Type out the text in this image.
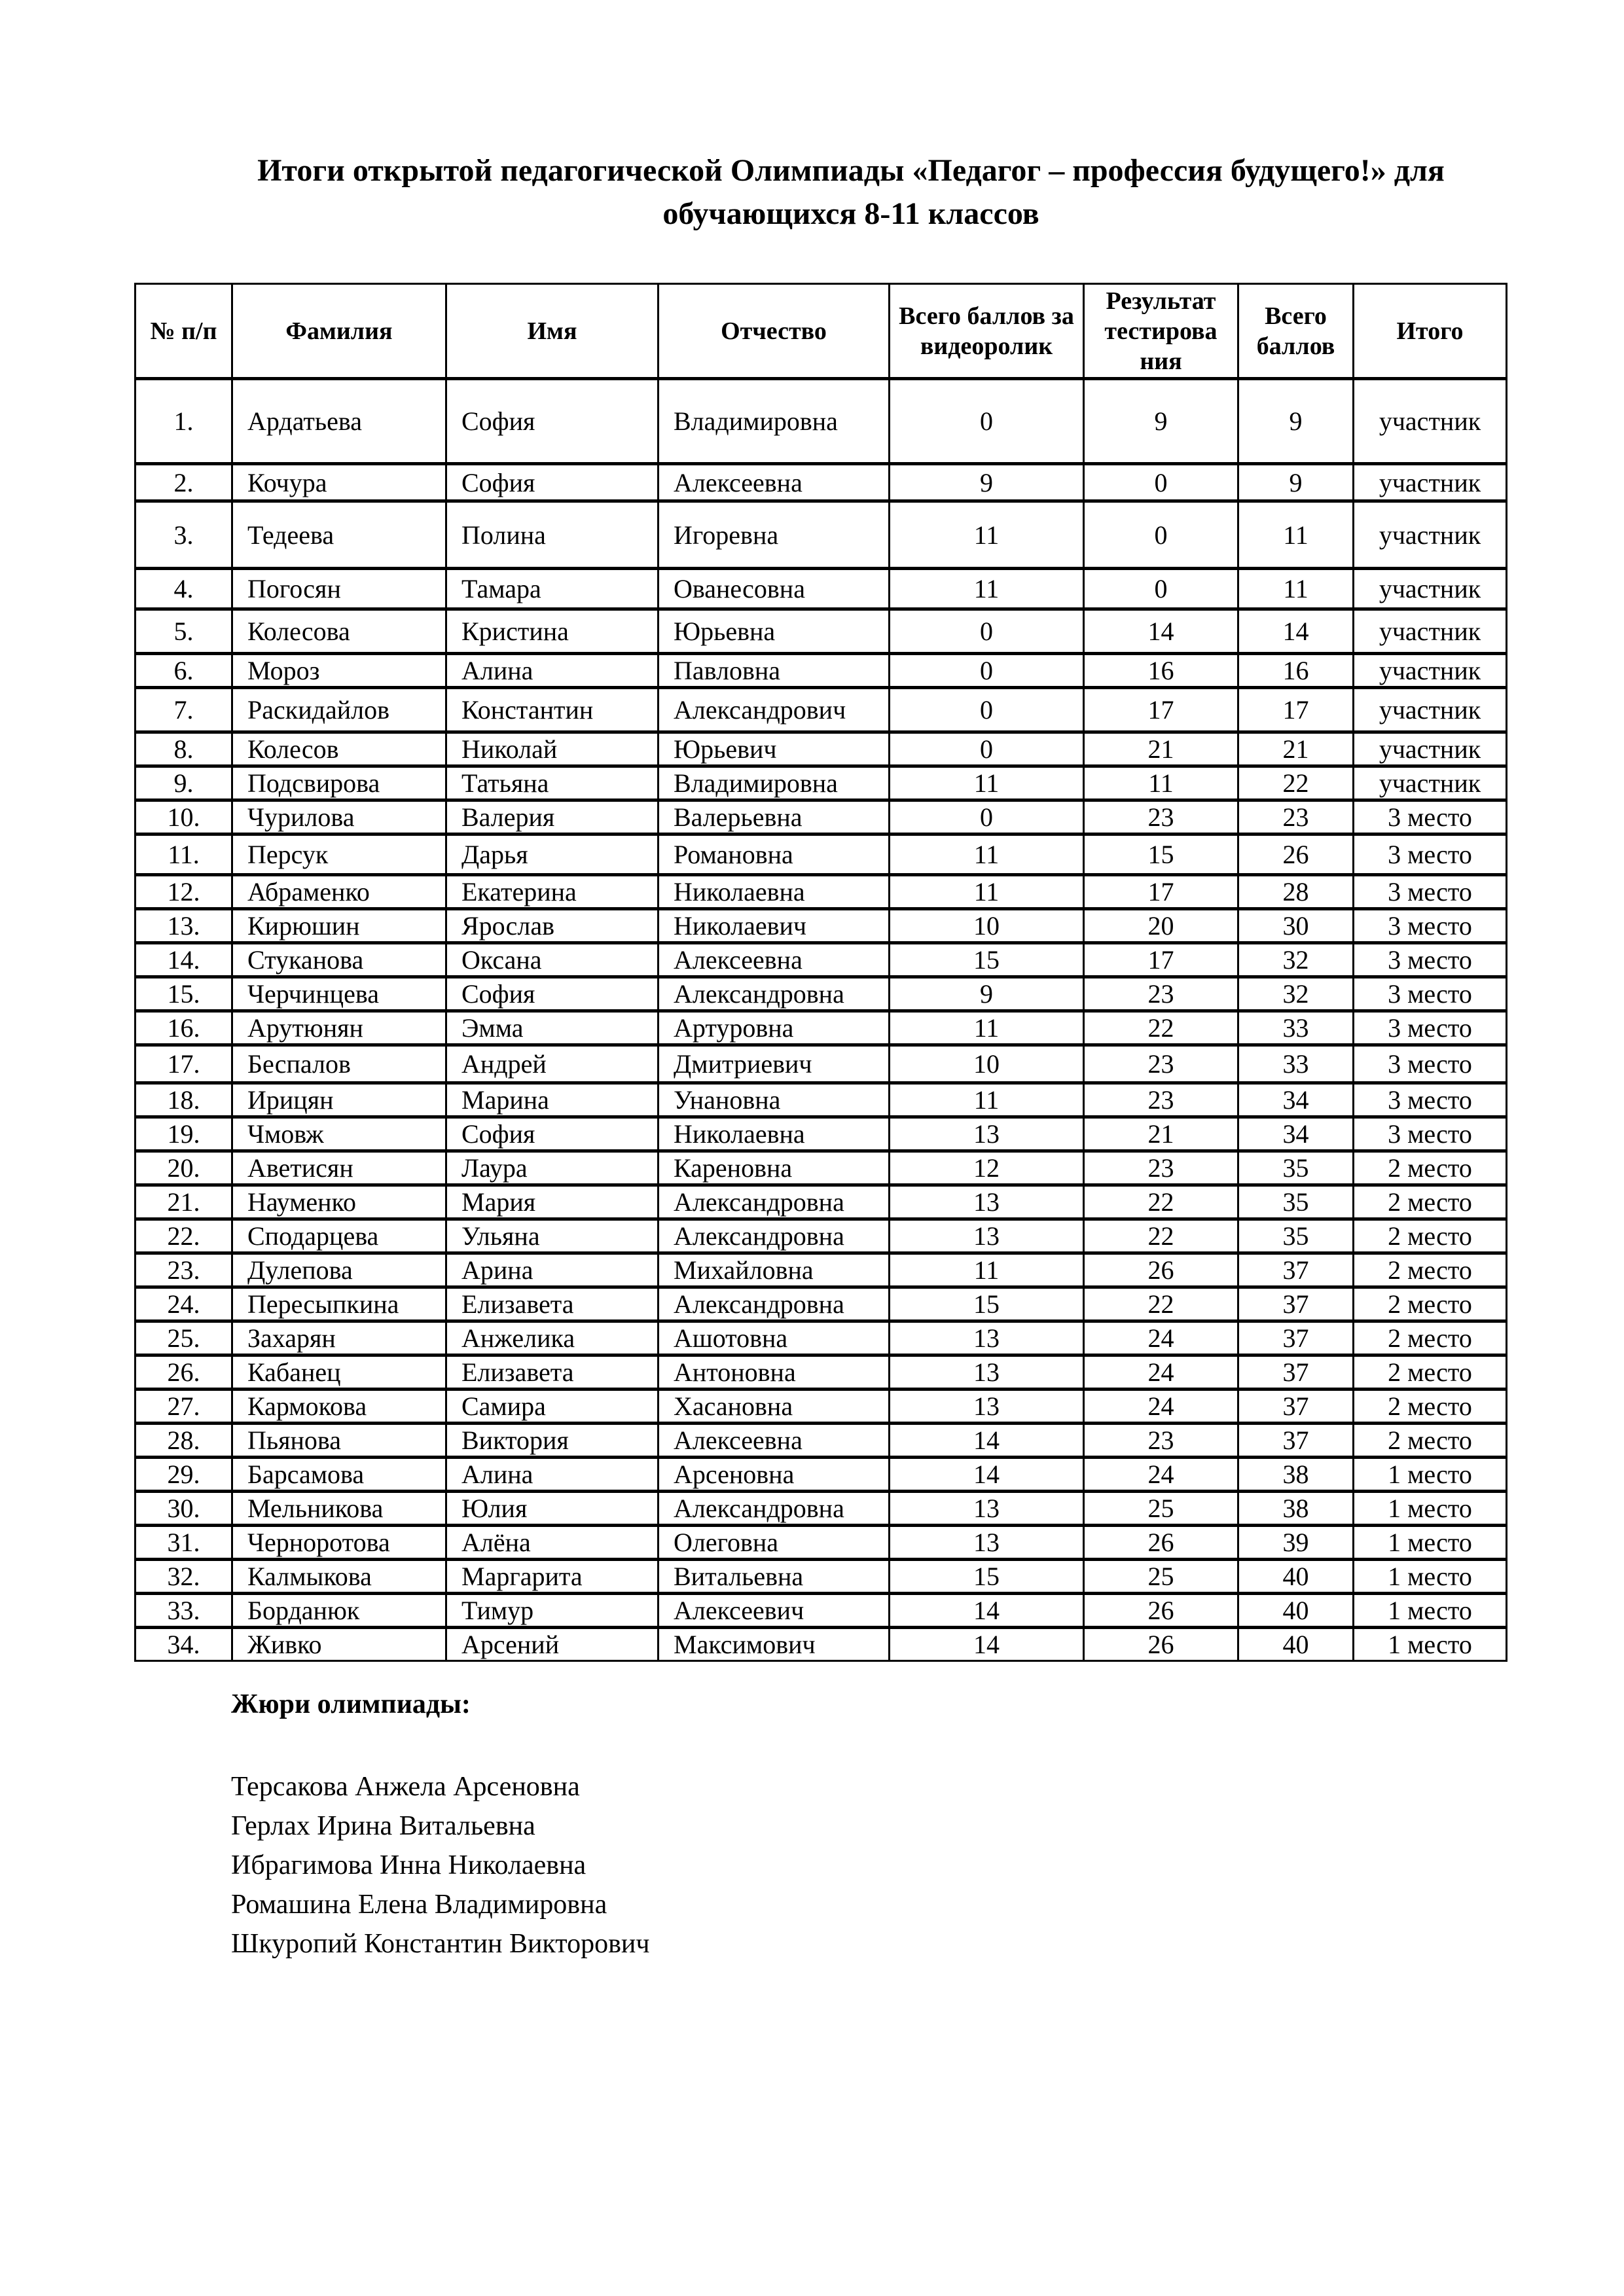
Итоги открытой педагогической Олимпиады «Педагог – профессия будущего!» для
обучающихся 8-11 классов
№ п/п	Фамилия	Имя	Отчество	Всего баллов за видеоролик	Результат тестирова ния	Всего баллов	Итого
1.	Ардатьева	София	Владимировна	0	9	9	участник
2.	Кочура	София	Алексеевна	9	0	9	участник
3.	Тедеева	Полина	Игоревна	11	0	11	участник
4.	Погосян	Тамара	Ованесовна	11	0	11	участник
5.	Колесова	Кристина	Юрьевна	0	14	14	участник
6.	Мороз	Алина	Павловна	0	16	16	участник
7.	Раскидайлов	Константин	Александрович	0	17	17	участник
8.	Колесов	Николай	Юрьевич	0	21	21	участник
9.	Подсвирова	Татьяна	Владимировна	11	11	22	участник
10.	Чурилова	Валерия	Валерьевна	0	23	23	3 место
11.	Персук	Дарья	Романовна	11	15	26	3 место
12.	Абраменко	Екатерина	Николаевна	11	17	28	3 место
13.	Кирюшин	Ярослав	Николаевич	10	20	30	3 место
14.	Стуканова	Оксана	Алексеевна	15	17	32	3 место
15.	Черчинцева	София	Александровна	9	23	32	3 место
16.	Арутюнян	Эмма	Артуровна	11	22	33	3 место
17.	Беспалов	Андрей	Дмитриевич	10	23	33	3 место
18.	Ирицян	Марина	Унановна	11	23	34	3 место
19.	Чмовж	София	Николаевна	13	21	34	3 место
20.	Аветисян	Лаура	Кареновна	12	23	35	2 место
21.	Науменко	Мария	Александровна	13	22	35	2 место
22.	Сподарцева	Ульяна	Александровна	13	22	35	2 место
23.	Дулепова	Арина	Михайловна	11	26	37	2 место
24.	Пересыпкина	Елизавета	Александровна	15	22	37	2 место
25.	Захарян	Анжелика	Ашотовна	13	24	37	2 место
26.	Кабанец	Елизавета	Антоновна	13	24	37	2 место
27.	Кармокова	Самира	Хасановна	13	24	37	2 место
28.	Пьянова	Виктория	Алексеевна	14	23	37	2 место
29.	Барсамова	Алина	Арсеновна	14	24	38	1 место
30.	Мельникова	Юлия	Александровна	13	25	38	1 место
31.	Черноротова	Алёна	Олеговна	13	26	39	1 место
32.	Калмыкова	Маргарита	Витальевна	15	25	40	1 место
33.	Борданюк	Тимур	Алексеевич	14	26	40	1 место
34.	Живко	Арсений	Максимович	14	26	40	1 место
Жюри олимпиады:
Терсакова Анжела Арсеновна
Герлах Ирина Витальевна
Ибрагимова Инна Николаевна
Ромашина Елена Владимировна
Шкуропий Константин Викторович
